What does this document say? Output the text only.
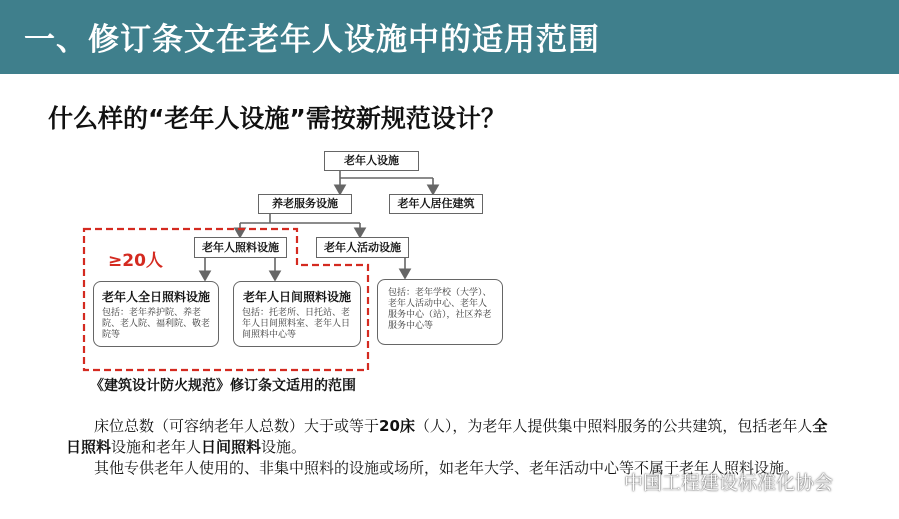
一、修订条文在老年人设施中的适用范围
什么样的“老年人设施”需按新规范设计？
老年人设施
养老服务设施	老年人居住建筑
老年人照料设施	老年人活动设施
≥20人
老年人全日照料设施
包括：老年养护院、养老院、老人院、福利院、敬老院等
老年人日间照料设施
包括：托老所、日托站、老年人日间照料室、老年人日间照料中心等
包括：老年学校（大学）、老年人活动中心、老年人服务中心（站），社区养老服务中心等
《建筑设计防火规范》修订条文适用的范围

床位总数（可容纳老年人总数）大于或等于20床（人），为老年人提供集中照料服务的公共建筑，包括老年人全日照料设施和老年人日间照料设施。

其他专供老年人使用的、非集中照料的设施或场所，如老年大学、老年活动中心等不属于老年人照料设施。

中国工程建设标准化协会
